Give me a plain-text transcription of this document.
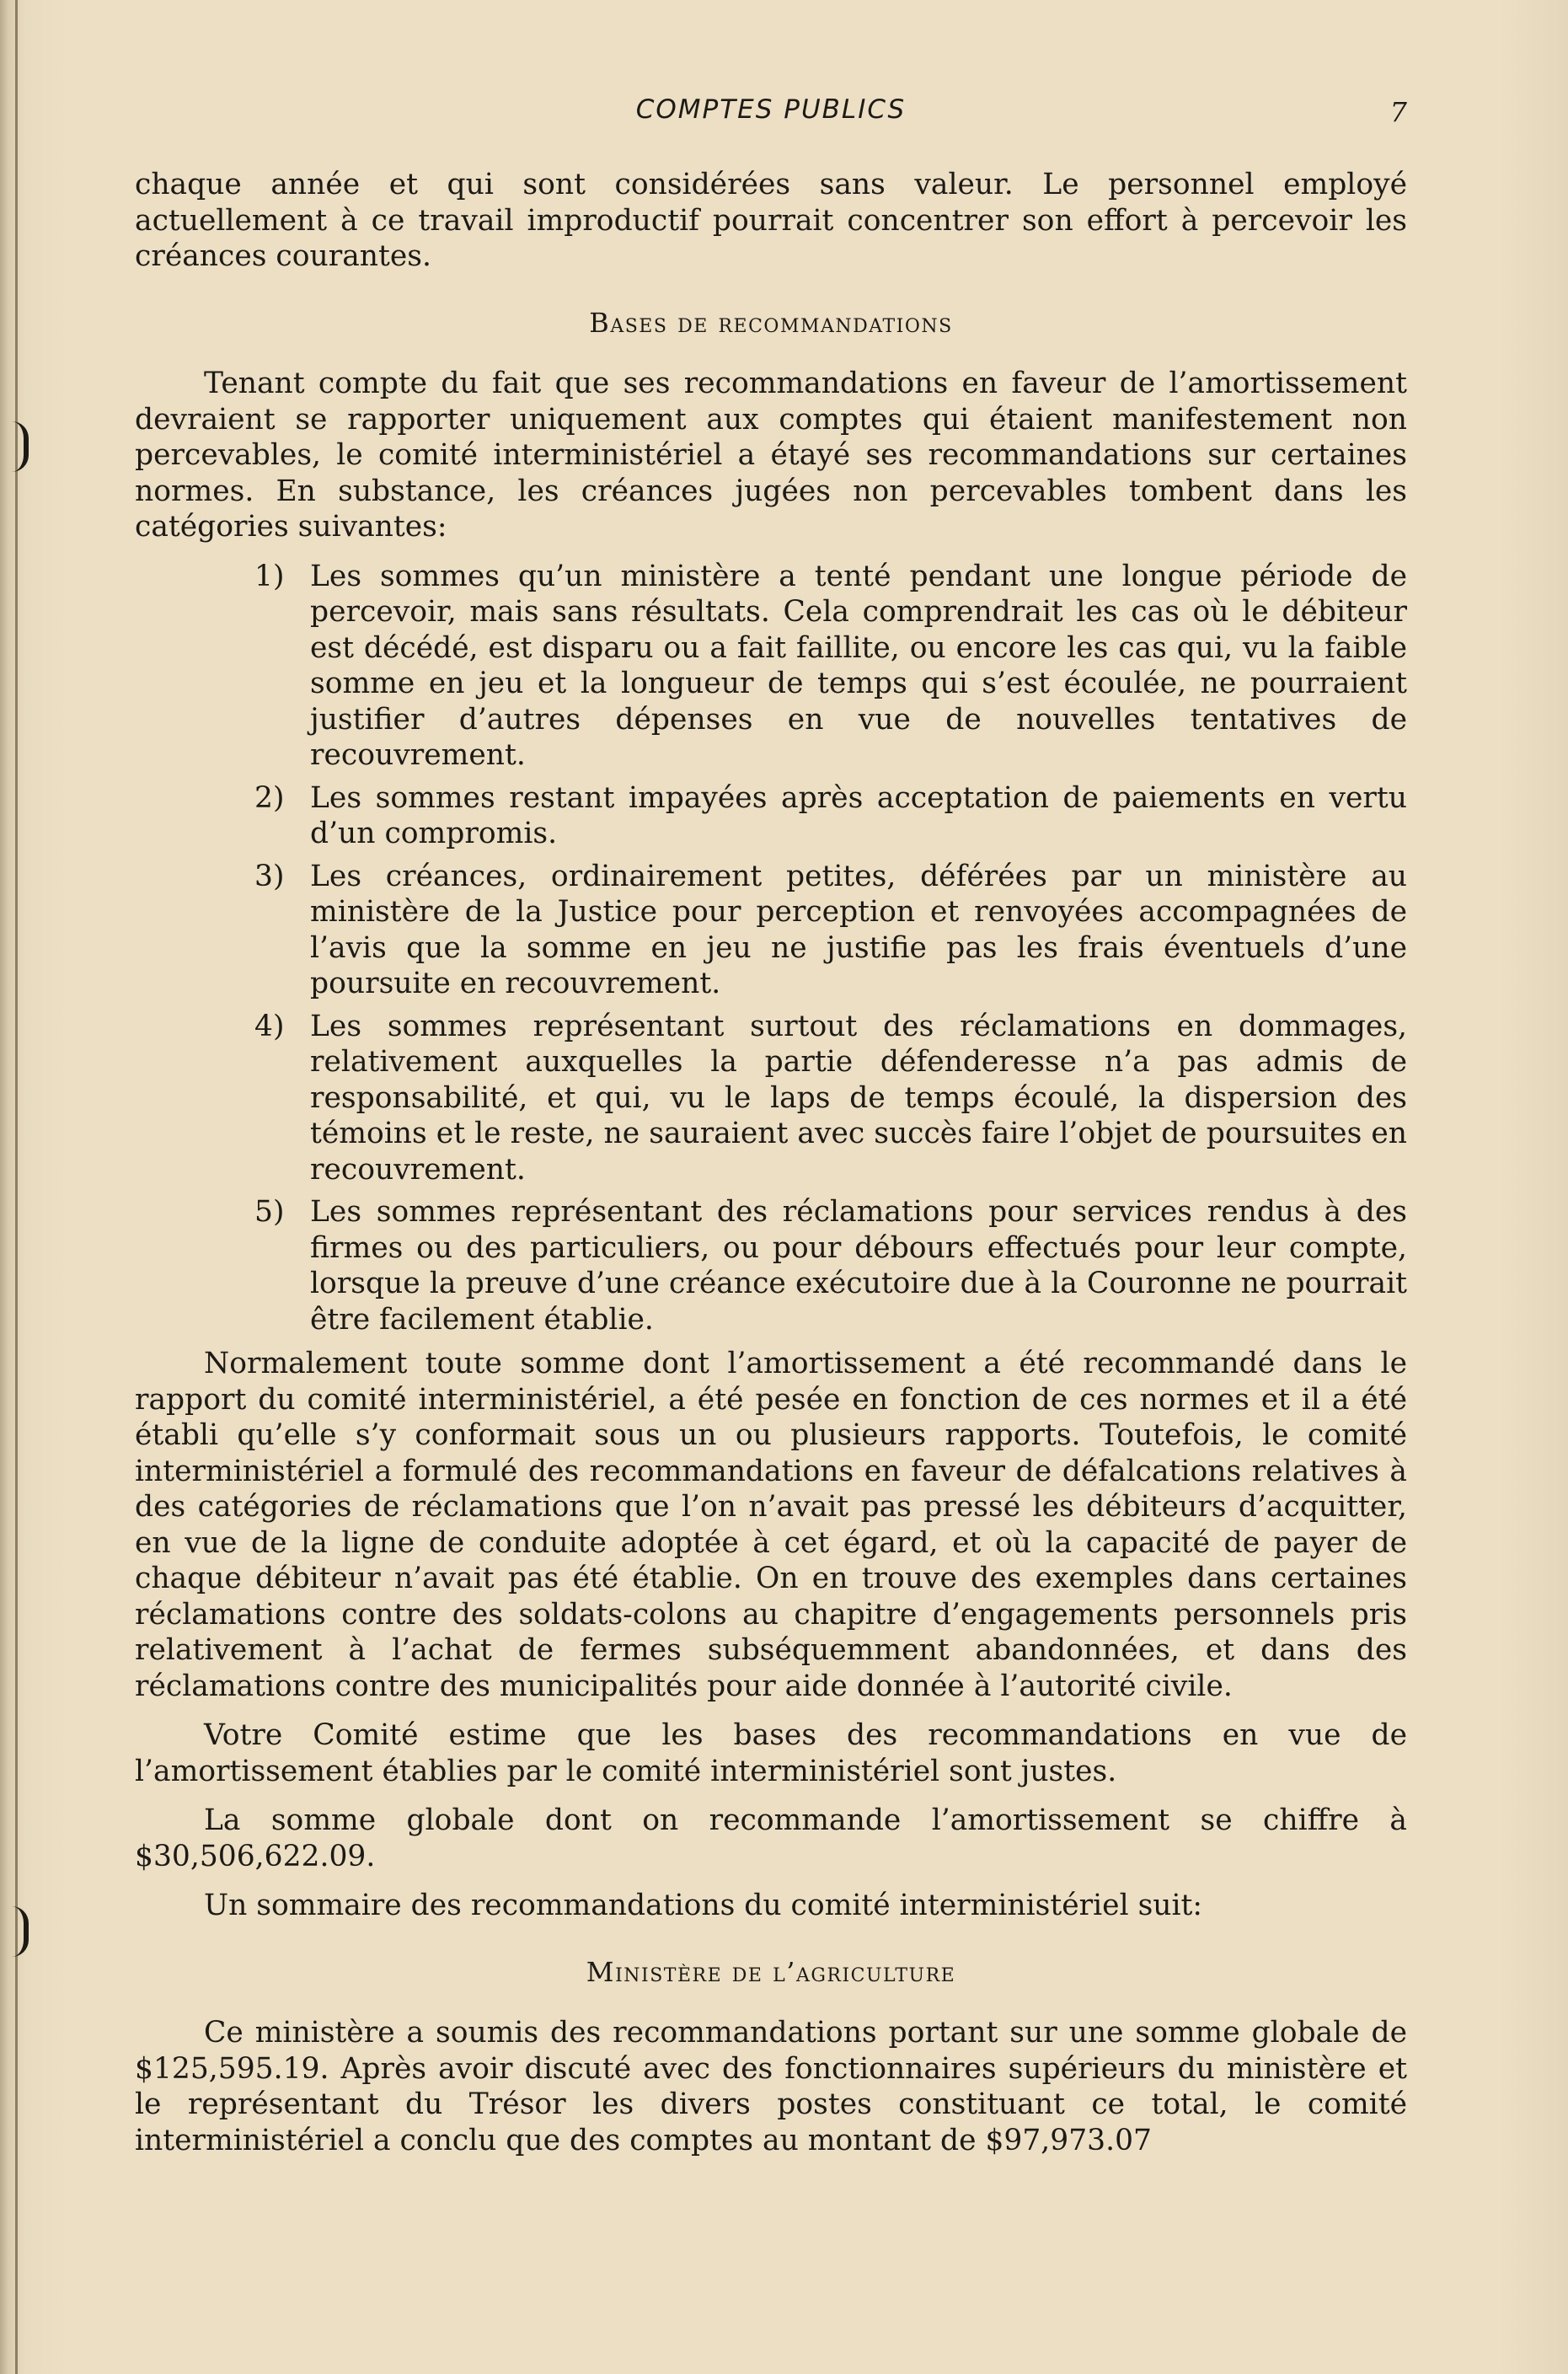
COMPTES PUBLICS	7

chaque année et qui sont considérées sans valeur. Le personnel employé actuellement à ce travail improductif pourrait concentrer son effort à percevoir les créances courantes.

Bases de recommandations

Tenant compte du fait que ses recommandations en faveur de l’amortissement devraient se rapporter uniquement aux comptes qui étaient manifestement non percevables, le comité interministériel a étayé ses recommandations sur certaines normes. En substance, les créances jugées non percevables tombent dans les catégories suivantes:

1) Les sommes qu’un ministère a tenté pendant une longue période de percevoir, mais sans résultats. Cela comprendrait les cas où le débiteur est décédé, est disparu ou a fait faillite, ou encore les cas qui, vu la faible somme en jeu et la longueur de temps qui s’est écoulée, ne pourraient justifier d’autres dépenses en vue de nouvelles tentatives de recouvrement.
2) Les sommes restant impayées après acceptation de paiements en vertu d’un compromis.
3) Les créances, ordinairement petites, déférées par un ministère au ministère de la Justice pour perception et renvoyées accompagnées de l’avis que la somme en jeu ne justifie pas les frais éventuels d’une poursuite en recouvrement.
4) Les sommes représentant surtout des réclamations en dommages, relativement auxquelles la partie défenderesse n’a pas admis de responsabilité, et qui, vu le laps de temps écoulé, la dispersion des témoins et le reste, ne sauraient avec succès faire l’objet de poursuites en recouvrement.
5) Les sommes représentant des réclamations pour services rendus à des firmes ou des particuliers, ou pour débours effectués pour leur compte, lorsque la preuve d’une créance exécutoire due à la Couronne ne pourrait être facilement établie.

Normalement toute somme dont l’amortissement a été recommandé dans le rapport du comité interministériel, a été pesée en fonction de ces normes et il a été établi qu’elle s’y conformait sous un ou plusieurs rapports. Toutefois, le comité interministériel a formulé des recommandations en faveur de défalcations relatives à des catégories de réclamations que l’on n’avait pas pressé les débiteurs d’acquitter, en vue de la ligne de conduite adoptée à cet égard, et où la capacité de payer de chaque débiteur n’avait pas été établie. On en trouve des exemples dans certaines réclamations contre des soldats-colons au chapitre d’engagements personnels pris relativement à l’achat de fermes subséquemment abandonnées, et dans des réclamations contre des municipalités pour aide donnée à l’autorité civile.

Votre Comité estime que les bases des recommandations en vue de l’amortissement établies par le comité interministériel sont justes.

La somme globale dont on recommande l’amortissement se chiffre à $30,506,622.09.

Un sommaire des recommandations du comité interministériel suit:

Ministère de l’agriculture

Ce ministère a soumis des recommandations portant sur une somme globale de $125,595.19. Après avoir discuté avec des fonctionnaires supérieurs du ministère et le représentant du Trésor les divers postes constituant ce total, le comité interministériel a conclu que des comptes au montant de $97,973.07
